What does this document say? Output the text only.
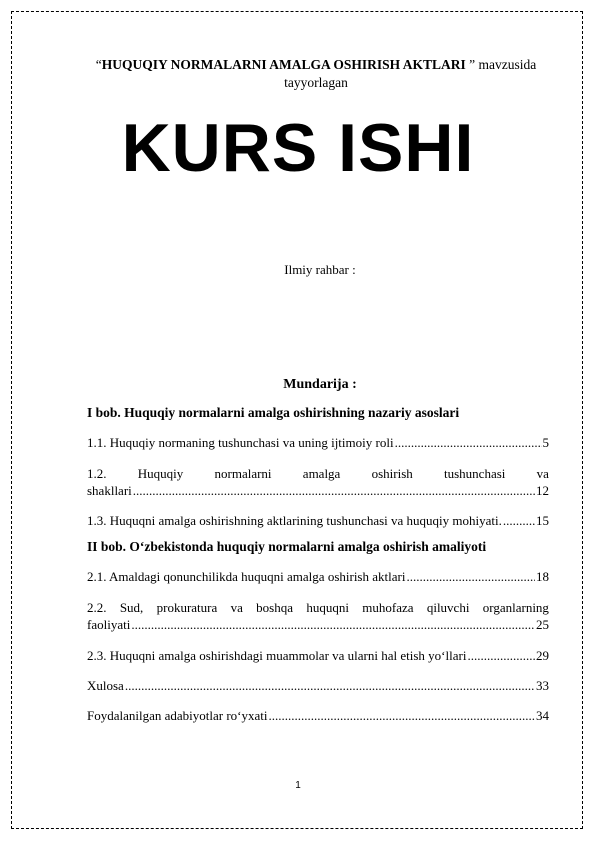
“HUQUQIY NORMALARNI AMALGA OSHIRISH AKTLARI ” mavzusida
tayyorlagan
KURS ISHI
Ilmiy rahbar :
Mundarija :
I bob. Huquqiy normalarni amalga oshirishning nazariy asoslari
1.1. Huquqiy normaning tushunchasi va uning ijtimoiy roli .....	5
1.2. Huquqiy normalarni amalga oshirish tushunchasi va
shakllari .....	12
1.3. Huquqni amalga oshirishning aktlarining tushunchasi va huquqiy mohiyati. .....	15
II bob. O‘zbekistonda huquqiy normalarni amalga oshirish amaliyoti
2.1. Amaldagi qonunchilikda huquqni amalga oshirish aktlari .....	18
2.2. Sud, prokuratura va boshqa huquqni muhofaza qiluvchi organlarning
faoliyati .....	25
2.3. Huquqni amalga oshirishdagi muammolar va ularni hal etish yo‘llari .....	29
Xulosa .....	33
Foydalanilgan adabiyotlar ro‘yxati .....	34
1
